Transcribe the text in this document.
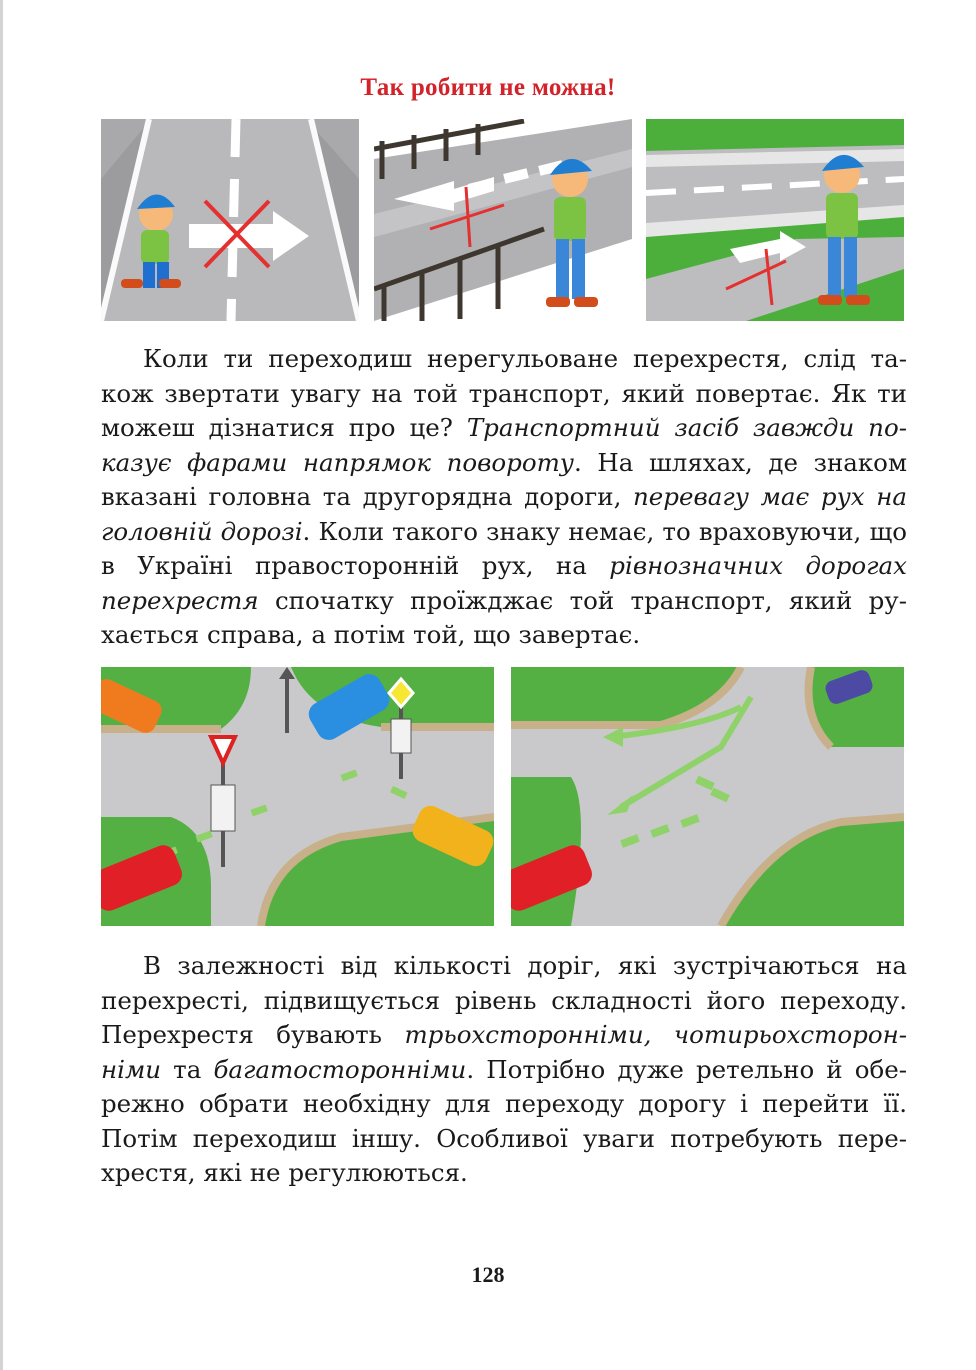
Так робити не можна!

Коли ти переходиш нерегульоване перехрестя, слід та- кож звертати увагу на той транспорт, який повертає. Як ти можеш дізнатися про це? Транспортний засіб завжди по- казує фарами напрямок повороту. На шляхах, де знаком вказані головна та другорядна дороги, перевагу має рух на головній дорозі. Коли такого знаку немає, то враховуючи, що в Україні правосторонній рух, на рівнозначних дорогах перехрестя спочатку проїжджає той транспорт, який ру- хається справа, а потім той, що завертає.

В залежності від кількості доріг, які зустрічаються на перехресті, підвищується рівень складності його переходу. Перехрестя бувають трьохсторонніми, чотирьохсторон- німи та багатосторонніми. Потрібно дуже ретельно й обе- режно обрати необхідну для переходу дорогу і перейти її. Потім переходиш іншу. Особливої уваги потребують пере- хрестя, які не регулюються.

128
